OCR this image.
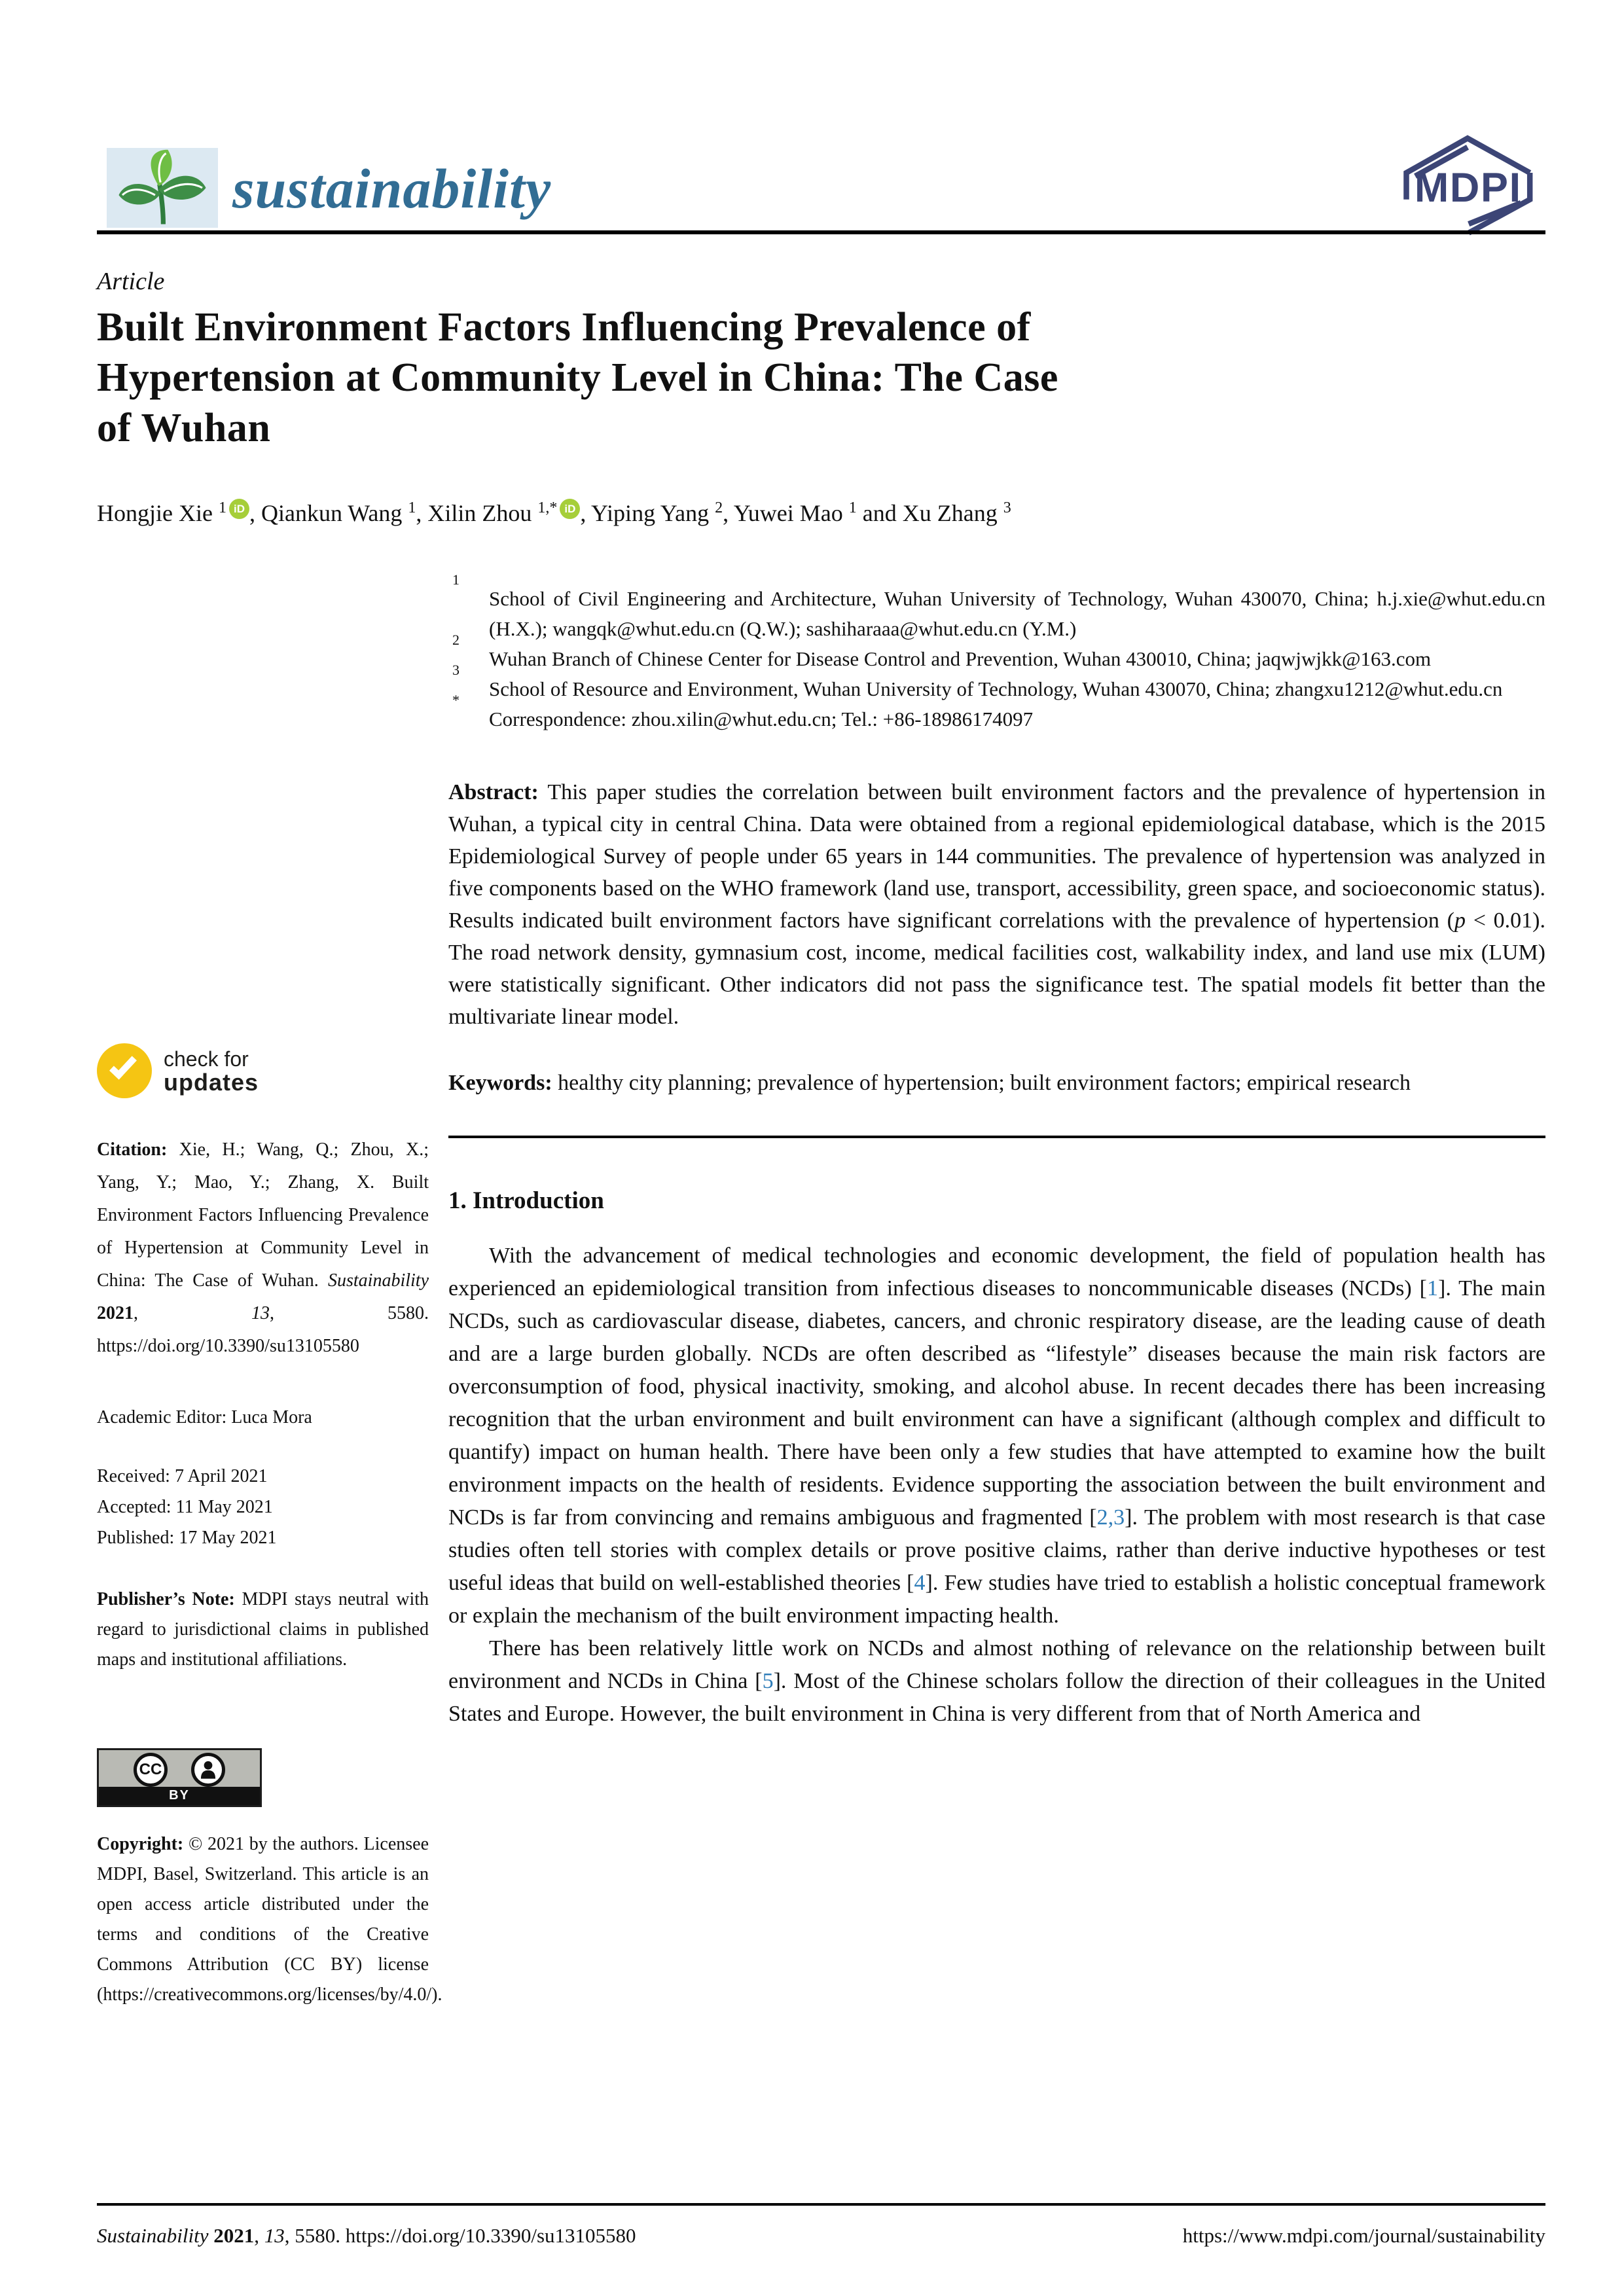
sustainability	MDPI
Article
Built Environment Factors Influencing Prevalence of
Hypertension at Community Level in China: The Case
of Wuhan
Hongjie Xie $^1$ iD , Qiankun Wang $^1$, Xilin Zhou $^{1,*}$ iD , Yiping Yang $^2$, Yuwei Mao $^1$ and Xu Zhang $^3$
1
School of Civil Engineering and Architecture, Wuhan University of Technology, Wuhan 430070, China; h.j.xie@whut.edu.cn (H.X.); wangqk@whut.edu.cn (Q.W.); sashiharaaa@whut.edu.cn (Y.M.)
2
Wuhan Branch of Chinese Center for Disease Control and Prevention, Wuhan 430010, China; jaqwjwjkk@163.com
3
School of Resource and Environment, Wuhan University of Technology, Wuhan 430070, China; zhangxu1212@whut.edu.cn
*
Correspondence: zhou.xilin@whut.edu.cn; Tel.: +86-18986174097
Abstract: This paper studies the correlation between built environment factors and the prevalence of hypertension in Wuhan, a typical city in central China. Data were obtained from a regional epidemiological database, which is the 2015 Epidemiological Survey of people under 65 years in 144 communities. The prevalence of hypertension was analyzed in five components based on the WHO framework (land use, transport, accessibility, green space, and socioeconomic status). Results indicated built environment factors have significant correlations with the prevalence of hypertension (p < 0.01). The road network density, gymnasium cost, income, medical facilities cost, walkability index, and land use mix (LUM) were statistically significant. Other indicators did not pass the significance test. The spatial models fit better than the multivariate linear model.
Keywords: healthy city planning; prevalence of hypertension; built environment factors; empirical research
1. Introduction
With the advancement of medical technologies and economic development, the field of population health has experienced an epidemiological transition from infectious diseases to noncommunicable diseases (NCDs) [1]. The main NCDs, such as cardiovascular disease, diabetes, cancers, and chronic respiratory disease, are the leading cause of death and are a large burden globally. NCDs are often described as “lifestyle” diseases because the main risk factors are overconsumption of food, physical inactivity, smoking, and alcohol abuse. In recent decades there has been increasing recognition that the urban environment and built environment can have a significant (although complex and difficult to quantify) impact on human health. There have been only a few studies that have attempted to examine how the built environment impacts on the health of residents. Evidence supporting the association between the built environment and NCDs is far from convincing and remains ambiguous and fragmented [2,3]. The problem with most research is that case studies often tell stories with complex details or prove positive claims, rather than derive inductive hypotheses or test useful ideas that build on well-established theories [4]. Few studies have tried to establish a holistic conceptual framework or explain the mechanism of the built environment impacting health.
There has been relatively little work on NCDs and almost nothing of relevance on the relationship between built environment and NCDs in China [5]. Most of the Chinese scholars follow the direction of their colleagues in the United States and Europe. However, the built environment in China is very different from that of North America and
check for
updates
Citation: Xie, H.; Wang, Q.; Zhou, X.; Yang, Y.; Mao, Y.; Zhang, X. Built Environment Factors Influencing Prevalence of Hypertension at Community Level in China: The Case of Wuhan. Sustainability 2021, 13, 5580. https://doi.org/10.3390/su13105580
Academic Editor: Luca Mora
Received: 7 April 2021
Accepted: 11 May 2021
Published: 17 May 2021
Publisher’s Note: MDPI stays neutral with regard to jurisdictional claims in published maps and institutional affiliations.
CC
BY
Copyright: © 2021 by the authors. Licensee MDPI, Basel, Switzerland. This article is an open access article distributed under the terms and conditions of the Creative Commons Attribution (CC BY) license (https://creativecommons.org/licenses/by/4.0/).
Sustainability 2021, 13, 5580. https://doi.org/10.3390/su13105580	https://www.mdpi.com/journal/sustainability
